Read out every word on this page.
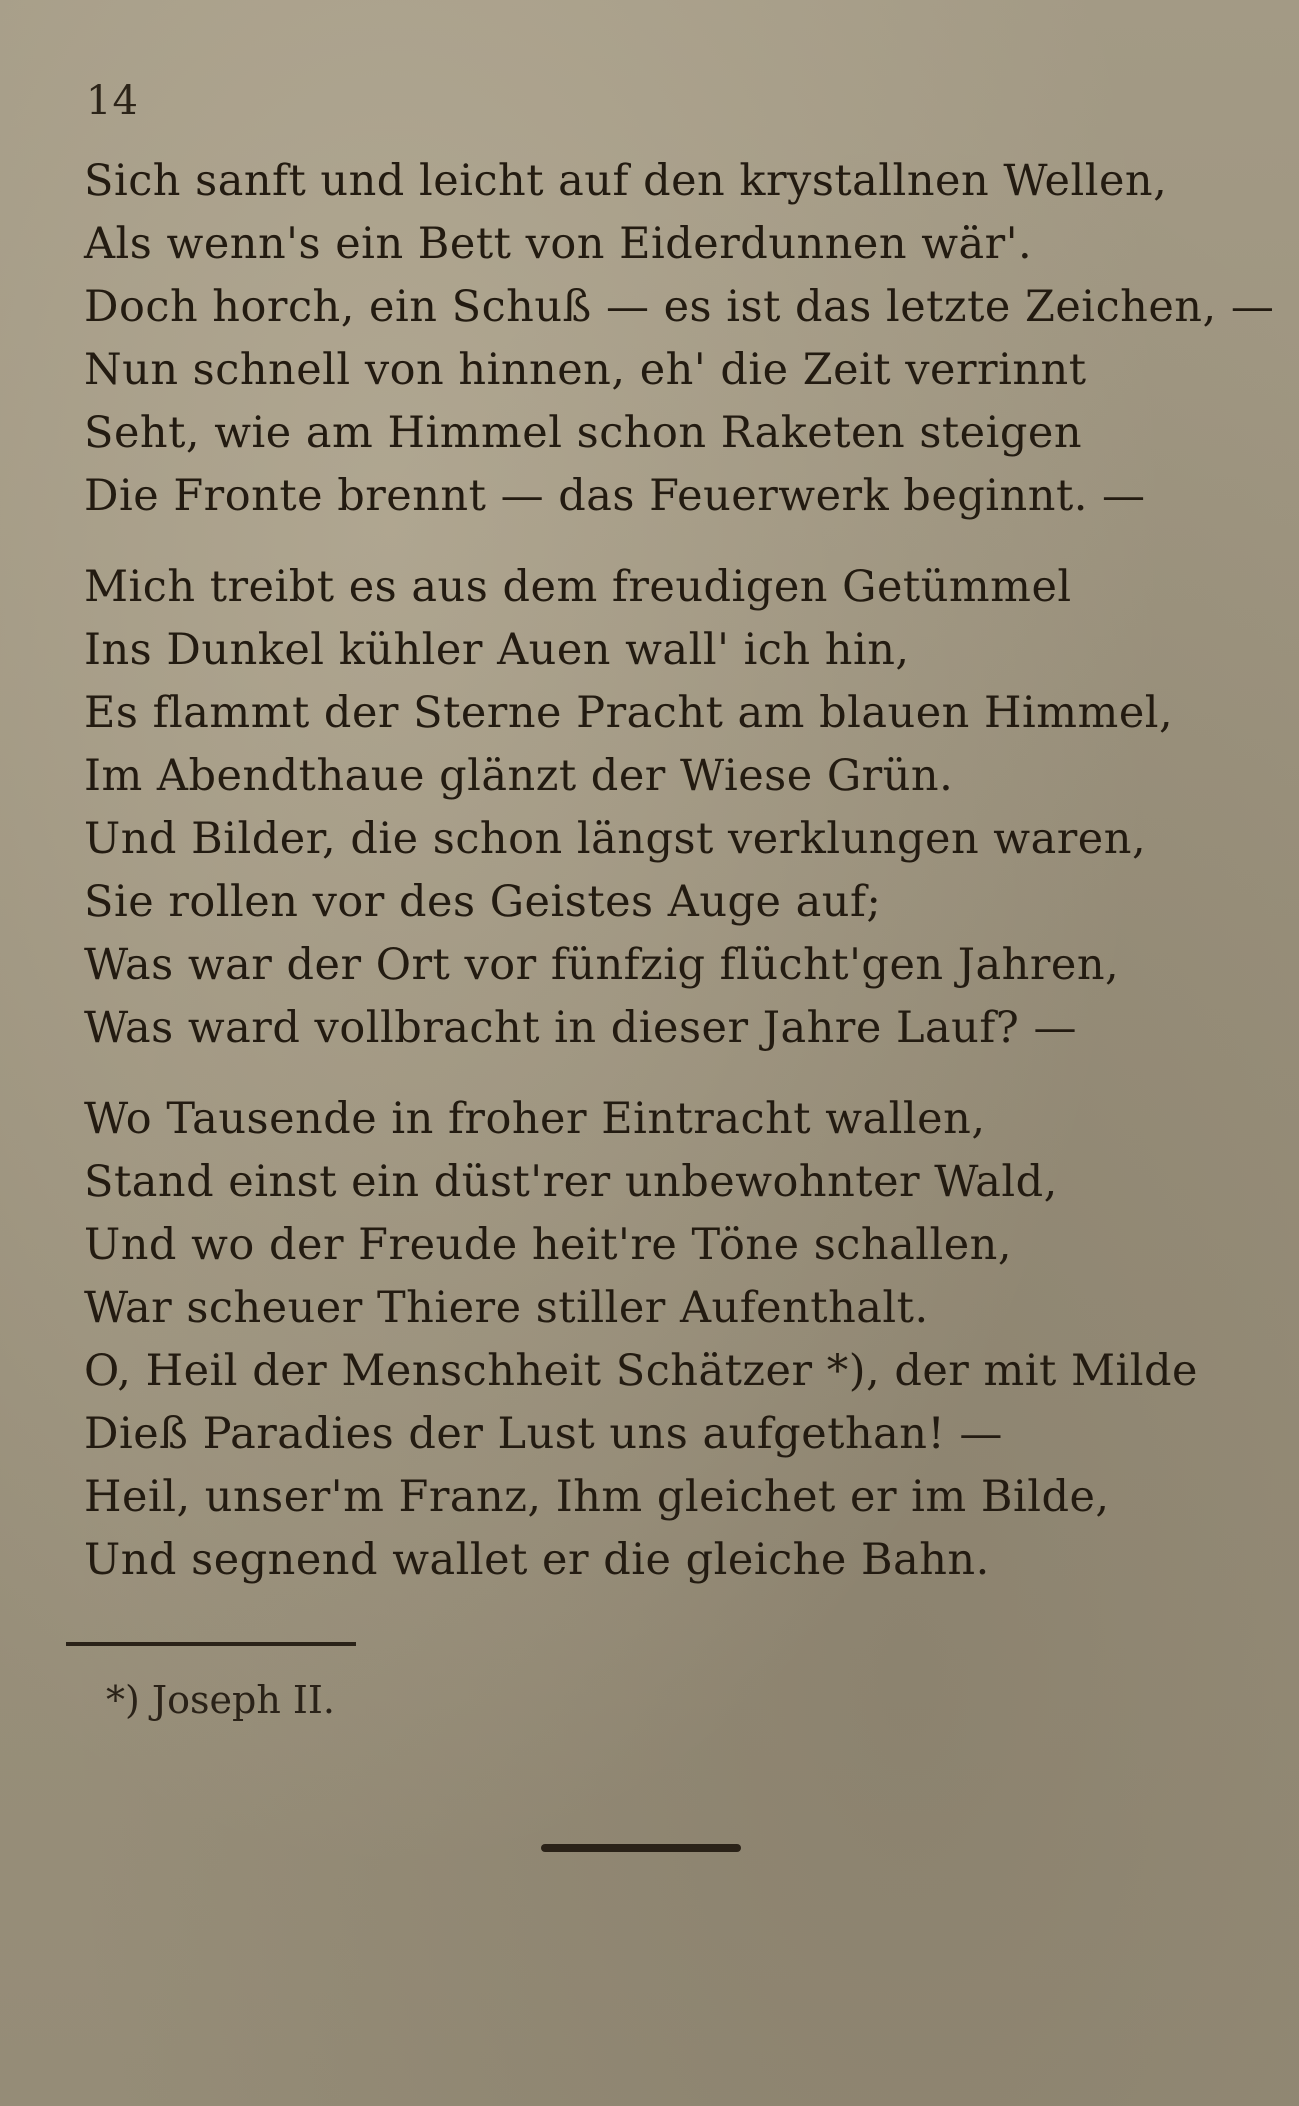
14
Sich sanft und leicht auf den krystallnen Wellen,
Als wenn's ein Bett von Eiderdunnen wär'.
Doch horch, ein Schuß — es ist das letzte Zeichen, —
Nun schnell von hinnen, eh' die Zeit verrinnt
Seht, wie am Himmel schon Raketen steigen
Die Fronte brennt — das Feuerwerk beginnt. —
Mich treibt es aus dem freudigen Getümmel
Ins Dunkel kühler Auen wall' ich hin,
Es flammt der Sterne Pracht am blauen Himmel,
Im Abendthaue glänzt der Wiese Grün.
Und Bilder, die schon längst verklungen waren,
Sie rollen vor des Geistes Auge auf;
Was war der Ort vor fünfzig flücht'gen Jahren,
Was ward vollbracht in dieser Jahre Lauf? —
Wo Tausende in froher Eintracht wallen,
Stand einst ein düst'rer unbewohnter Wald,
Und wo der Freude heit're Töne schallen,
War scheuer Thiere stiller Aufenthalt.
O, Heil der Menschheit Schätzer *), der mit Milde
Dieß Paradies der Lust uns aufgethan! —
Heil, unser'm Franz, Ihm gleichet er im Bilde,
Und segnend wallet er die gleiche Bahn.
*) Joseph II.
